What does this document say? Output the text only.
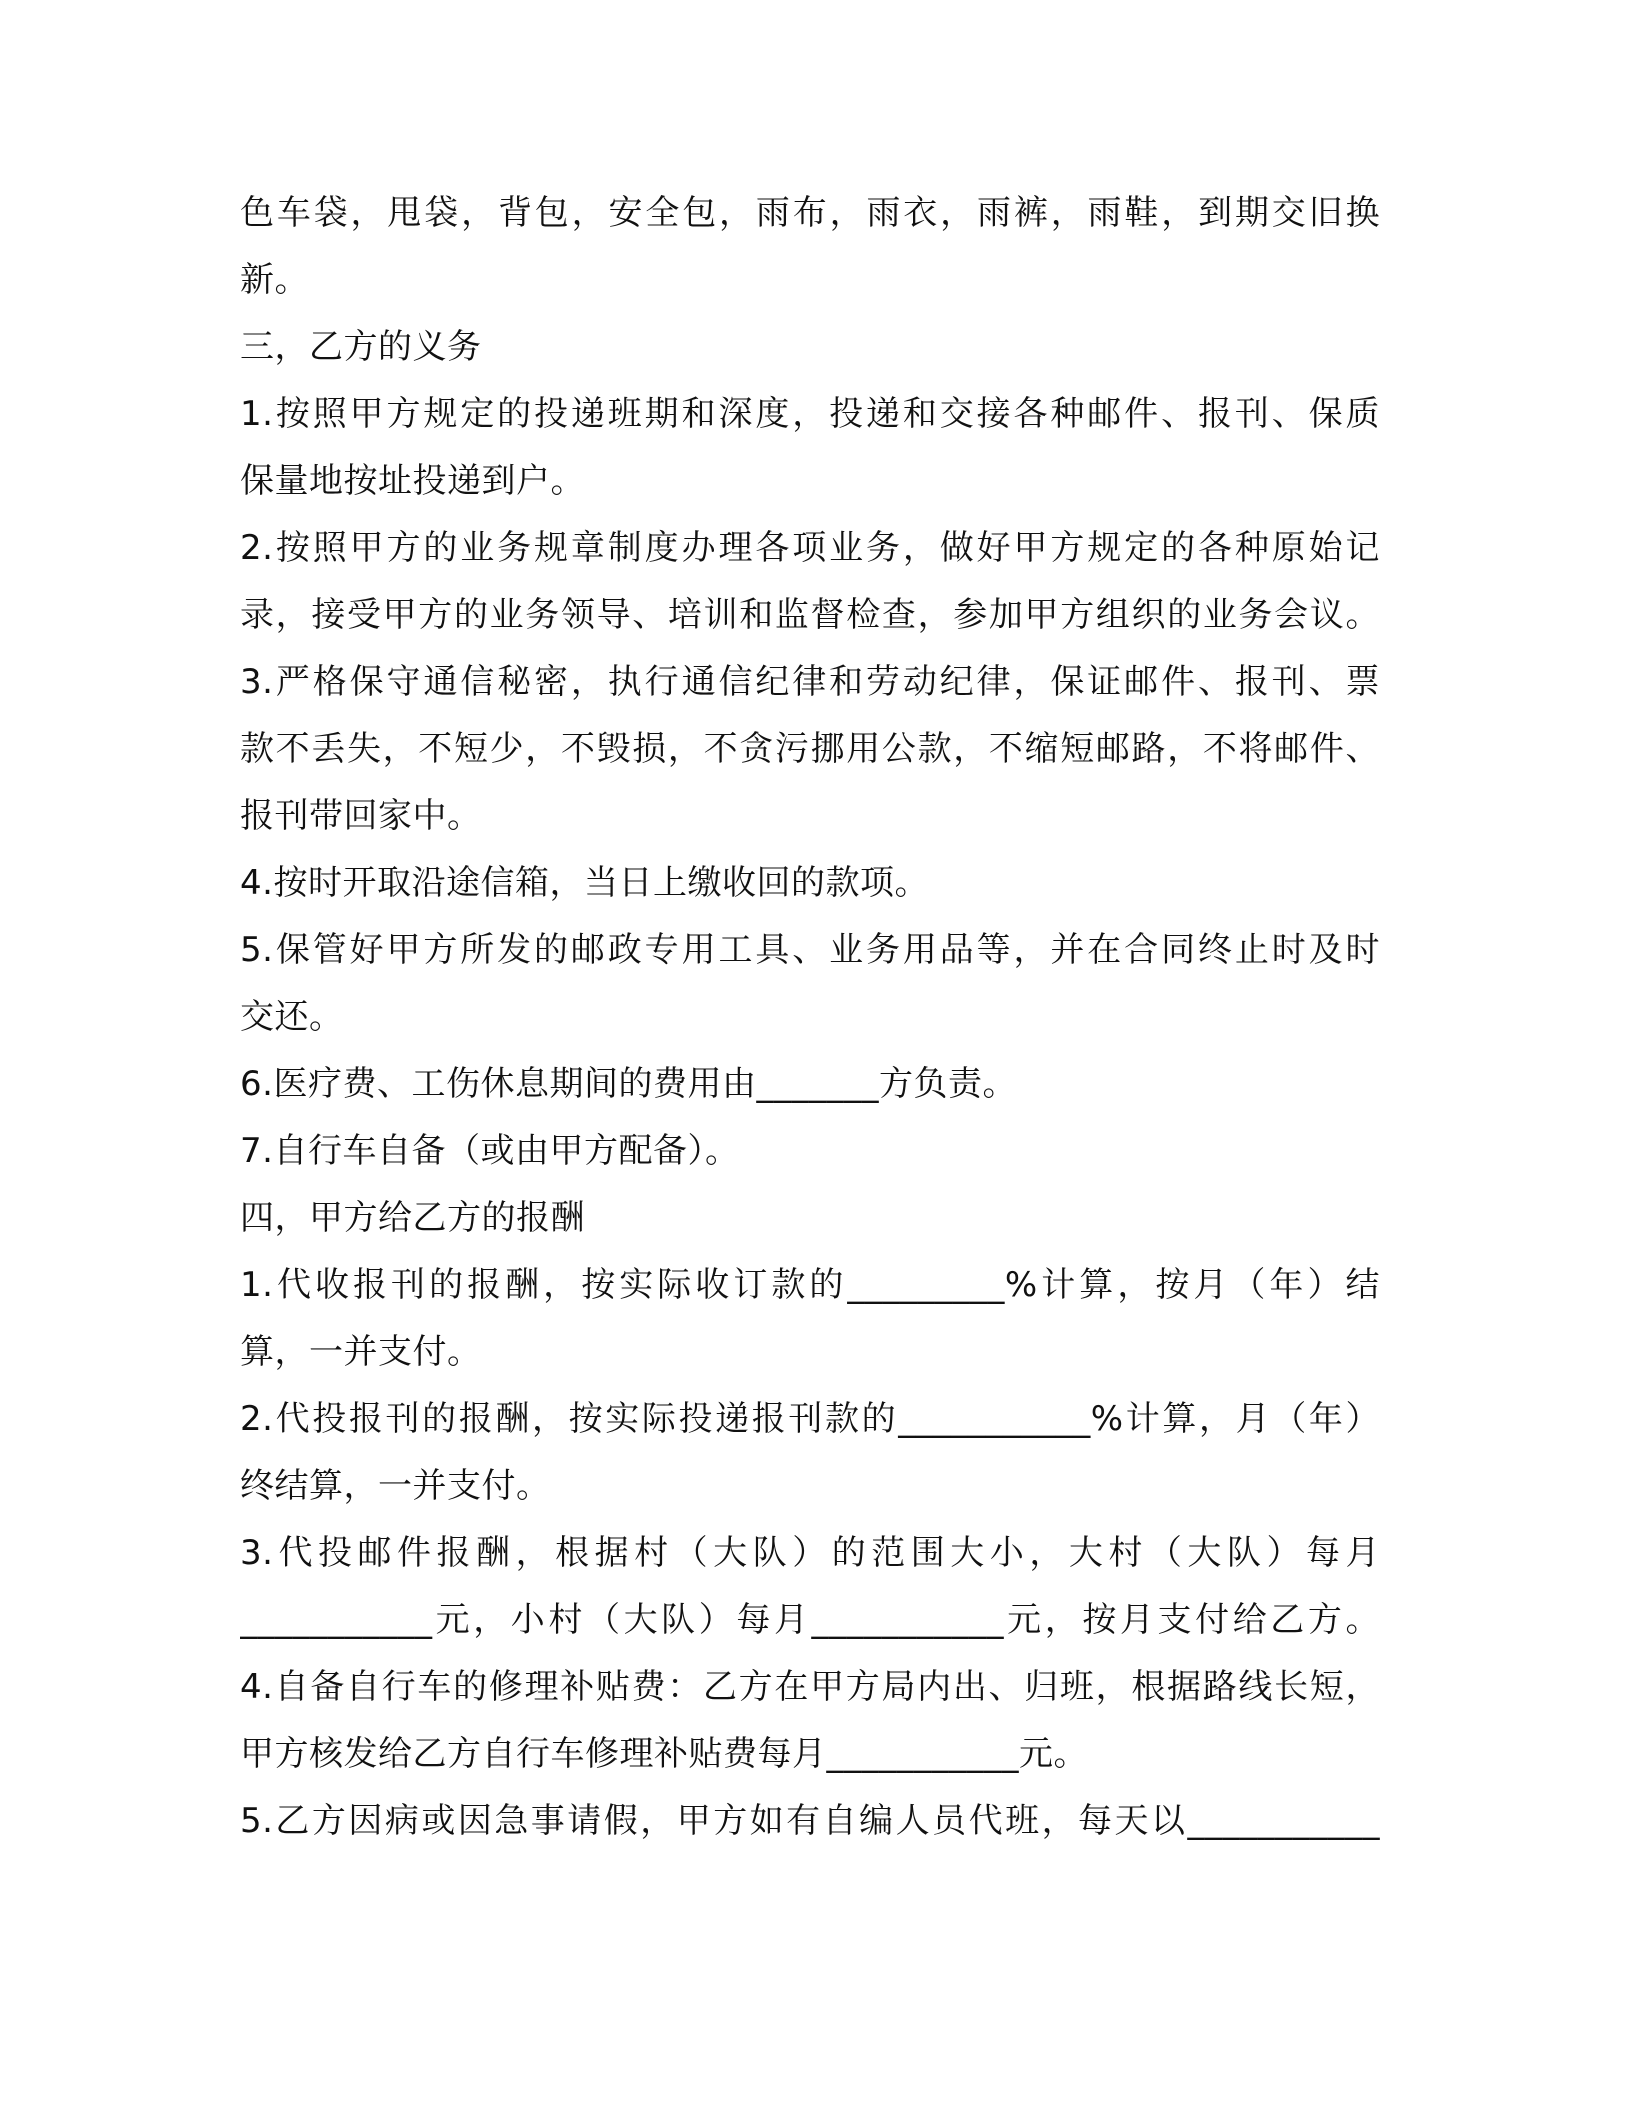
色车袋，甩袋，背包，安全包，雨布，雨衣，雨裤，雨鞋，到期交旧换
新。
三，乙方的义务
1.按照甲方规定的投递班期和深度，投递和交接各种邮件、报刊、保质
保量地按址投递到户。
2.按照甲方的业务规章制度办理各项业务，做好甲方规定的各种原始记
录，接受甲方的业务领导、培训和监督检查，参加甲方组织的业务会议。
3.严格保守通信秘密，执行通信纪律和劳动纪律，保证邮件、报刊、票
款不丢失，不短少，不毁损，不贪污挪用公款，不缩短邮路，不将邮件、
报刊带回家中。
4.按时开取沿途信箱，当日上缴收回的款项。
5.保管好甲方所发的邮政专用工具、业务用品等，并在合同终止时及时
交还。
6.医疗费、工伤休息期间的费用由_______方负责。
7.自行车自备（或由甲方配备）。
四，甲方给乙方的报酬
1.代收报刊的报酬，按实际收订款的_________%计算，按月（年）结
算，一并支付。
2.代投报刊的报酬，按实际投递报刊款的___________%计算，月（年）
终结算，一并支付。
3.代投邮件报酬，根据村（大队）的范围大小，大村（大队）每月
___________元，小村（大队）每月___________元，按月支付给乙方。
4.自备自行车的修理补贴费：乙方在甲方局内出、归班，根据路线长短，
甲方核发给乙方自行车修理补贴费每月___________元。
5.乙方因病或因急事请假，甲方如有自编人员代班，每天以___________
